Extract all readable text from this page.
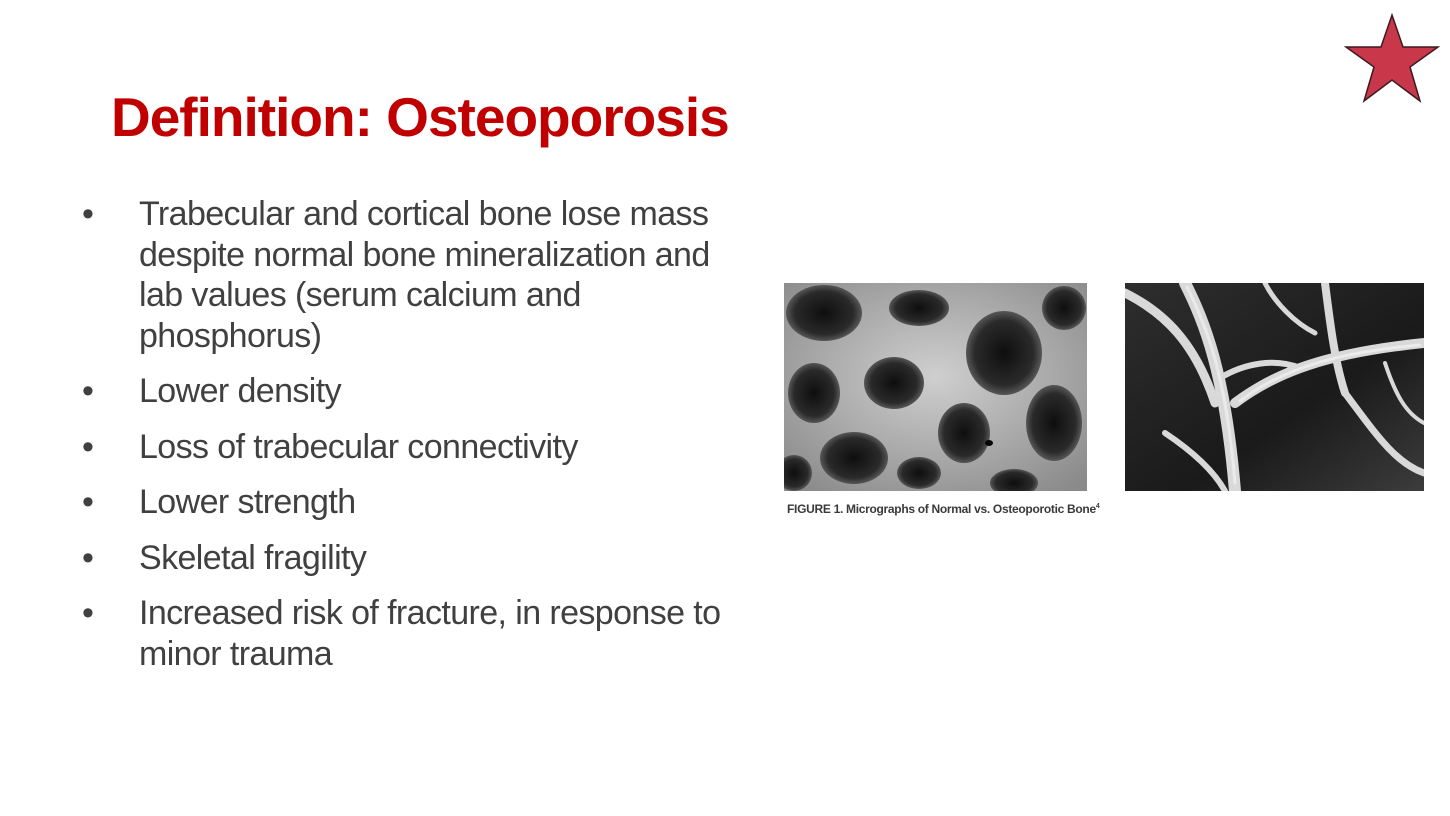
Definition: Osteoporosis
• Trabecular and cortical bone lose mass despite normal bone mineralization and lab values (serum calcium and phosphorus)
• Lower density
• Loss of trabecular connectivity
• Lower strength
• Skeletal fragility
• Increased risk of fracture, in response to minor trauma
FIGURE 1. Micrographs of Normal vs. Osteoporotic Bone$^4$
